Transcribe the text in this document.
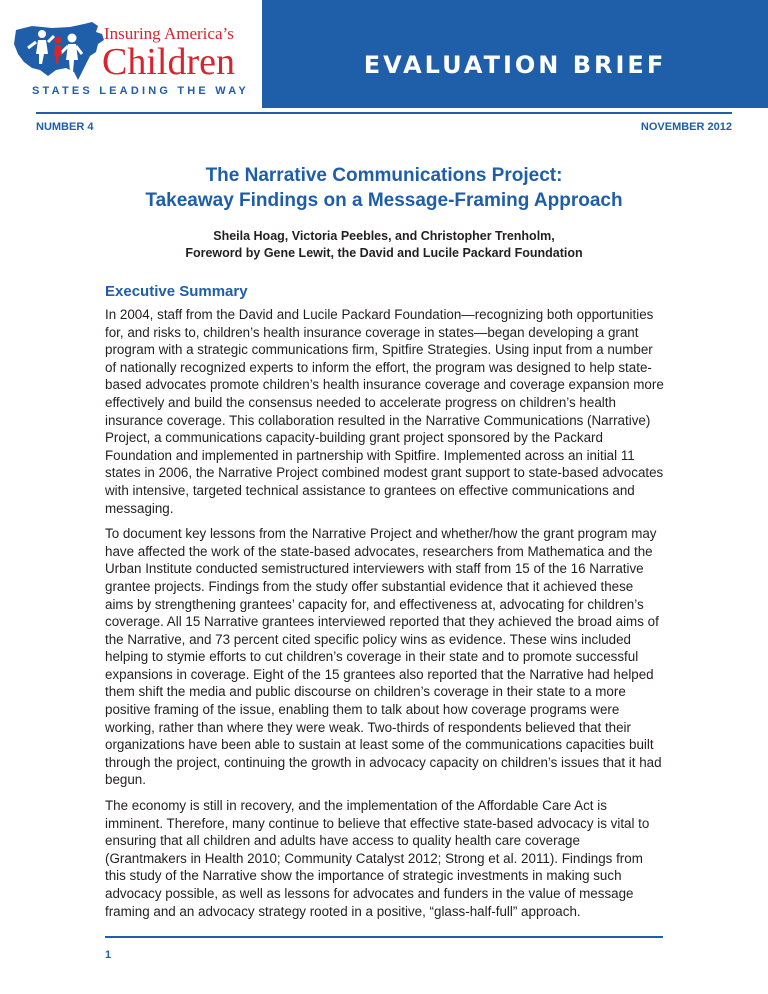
Insuring America’s
Children
STATES LEADING THE WAY
EVALUATION BRIEF
NUMBER 4	NOVEMBER 2012
The Narrative Communications Project:
Takeaway Findings on a Message-Framing Approach
Sheila Hoag, Victoria Peebles, and Christopher Trenholm,
Foreword by Gene Lewit, the David and Lucile Packard Foundation
Executive Summary

In 2004, staff from the David and Lucile Packard Foundation—recognizing both opportunities for, and risks to, children’s health insurance coverage in states—began developing a grant program with a strategic communications firm, Spitfire Strategies. Using input from a number of nationally recognized experts to inform the effort, the program was designed to help state-based advocates promote children’s health insurance coverage and coverage expansion more effectively and build the consensus needed to accelerate progress on children’s health insurance coverage. This collaboration resulted in the Narrative Communications (Narrative) Project, a communications capacity-building grant project sponsored by the Packard Foundation and implemented in partnership with Spitfire. Implemented across an initial 11 states in 2006, the Narrative Project combined modest grant support to state-based advocates with intensive, targeted technical assistance to grantees on effective communications and messaging.

To document key lessons from the Narrative Project and whether/how the grant program may have affected the work of the state-based advocates, researchers from Mathematica and the Urban Institute conducted semistructured interviewers with staff from 15 of the 16 Narrative grantee projects. Findings from the study offer substantial evidence that it achieved these aims by strengthening grantees’ capacity for, and effectiveness at, advocating for children’s coverage. All 15 Narrative grantees interviewed reported that they achieved the broad aims of the Narrative, and 73 percent cited specific policy wins as evidence. These wins included helping to stymie efforts to cut children’s coverage in their state and to promote successful expansions in coverage. Eight of the 15 grantees also reported that the Narrative had helped them shift the media and public discourse on children’s coverage in their state to a more positive framing of the issue, enabling them to talk about how coverage programs were working, rather than where they were weak. Two-thirds of respondents believed that their organizations have been able to sustain at least some of the communications capacities built through the project, continuing the growth in advocacy capacity on children’s issues that it had begun.

The economy is still in recovery, and the implementation of the Affordable Care Act is imminent. Therefore, many continue to believe that effective state-based advocacy is vital to ensuring that all children and adults have access to quality health care coverage (Grantmakers in Health 2010; Community Catalyst 2012; Strong et al. 2011). Findings from this study of the Narrative show the importance of strategic investments in making such advocacy possible, as well as lessons for advocates and funders in the value of message framing and an advocacy strategy rooted in a positive, “glass-half-full” approach.

1
